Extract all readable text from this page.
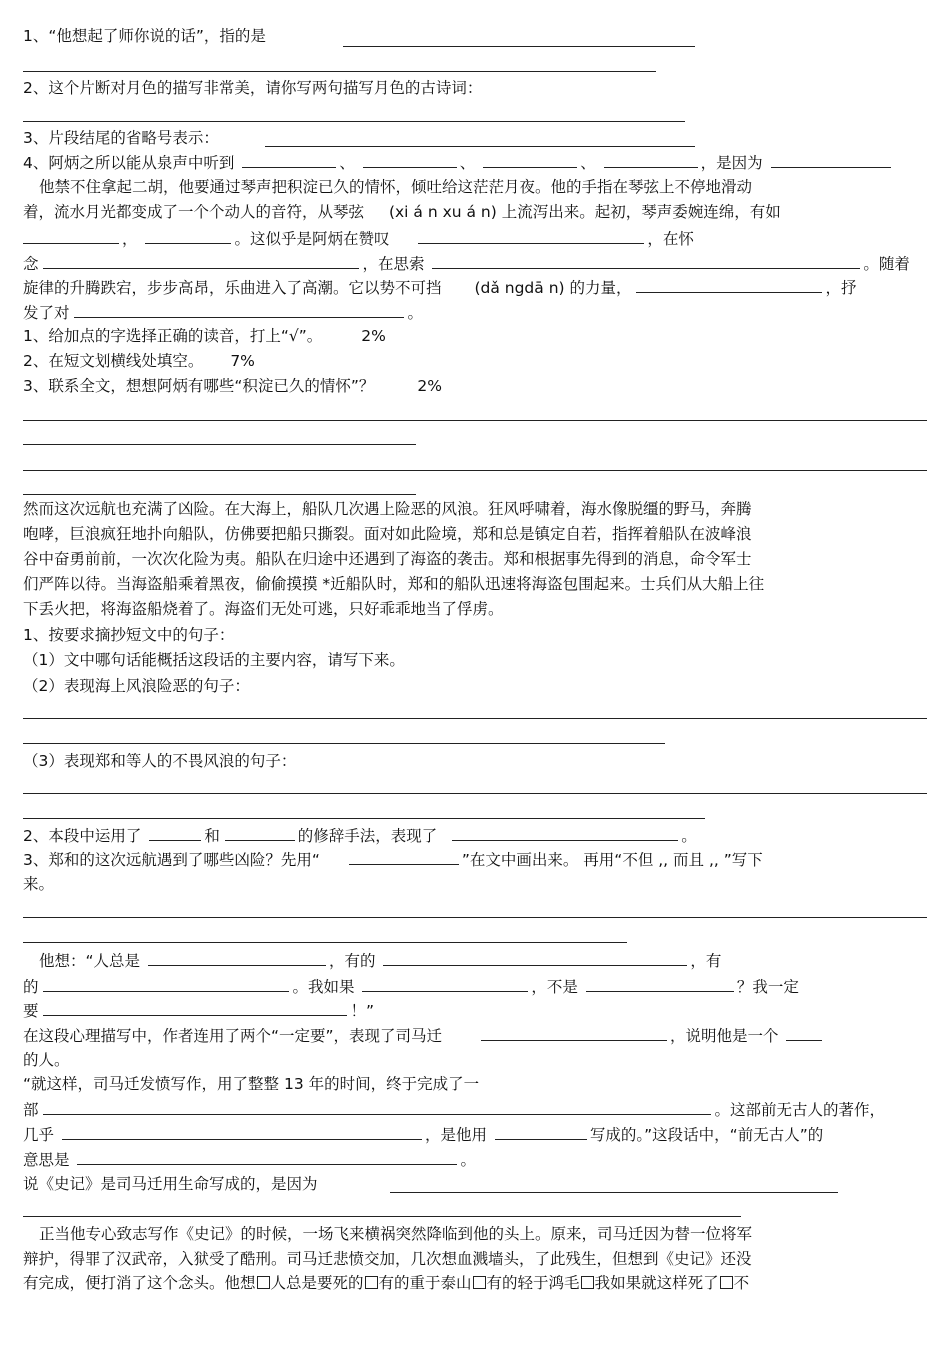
1、“他想起了师你说的话”，指的是
2、这个片断对月色的描写非常美，请你写两句描写月色的古诗词：
3、片段结尾的省略号表示：
4、阿炳之所以能从泉声中听到	、	、	、	，是因为
他禁不住拿起二胡，他要通过琴声把积淀已久的情怀，倾吐给这茫茫月夜。他的手指在琴弦上不停地滑动
着，流水月光都变成了一个个动人的音符，从琴弦 (xi á n xu á n) 上流泻出来。起初，琴声委婉连绵，有如
，	。这似乎是阿炳在赞叹	，在怀
念	，在思索	。随着
旋律的升腾跌宕，步步高昂，乐曲进入了高潮。它以势不可挡 (dǎ ngdā n) 的力量，	，抒
发了对	。
1、给加点的字选择正确的读音，打上“√”。	2%
2、在短文划横线处填空。 7%
3、联系全文，想想阿炳有哪些“积淀已久的情怀”？	2%
然而这次远航也充满了凶险。在大海上，船队几次遇上险恶的风浪。狂风呼啸着，海水像脱缰的野马，奔腾
咆哮，巨浪疯狂地扑向船队，仿佛要把船只撕裂。面对如此险境，郑和总是镇定自若，指挥着船队在波峰浪
谷中奋勇前前，一次次化险为夷。船队在归途中还遇到了海盗的袭击。郑和根据事先得到的消息，命令军士
们严阵以待。当海盗船乘着黑夜，偷偷摸摸 *近船队时，郑和的船队迅速将海盗包围起来。士兵们从大船上往
下丢火把，将海盗船烧着了。海盗们无处可逃，只好乖乖地当了俘虏。
1、按要求摘抄短文中的句子：
（1）文中哪句话能概括这段话的主要内容，请写下来。
（2）表现海上风浪险恶的句子：
（3）表现郑和等人的不畏风浪的句子：
2、本段中运用了	和	的修辞手法，表现了	。
3、郑和的这次远航遇到了哪些凶险？先用“	”在文中画出来。 再用“不但 ,, 而且 ,, ”写下
来。
他想：“人总是	，有的	，有
的	。我如果	，不是	？我一定
要	！”
在这段心理描写中，作者连用了两个“一定要”，表现了司马迁	，说明他是一个
的人。
“就这样，司马迁发愤写作，用了整整 13 年的时间，终于完成了一
部	。这部前无古人的著作，
几乎	，是他用	写成的。”这段话中，“前无古人”的
意思是	。
说《史记》是司马迁用生命写成的，是因为
正当他专心致志写作《史记》的时候，一场飞来横祸突然降临到他的头上。原来，司马迁因为替一位将军
辩护，得罪了汉武帝，入狱受了酷刑。司马迁悲愤交加，几次想血溅墙头，了此残生，但想到《史记》还没
有完成，便打消了这个念头。他想 人总是要死的 有的重于泰山 有的轻于鸿毛 我如果就这样死了 不
